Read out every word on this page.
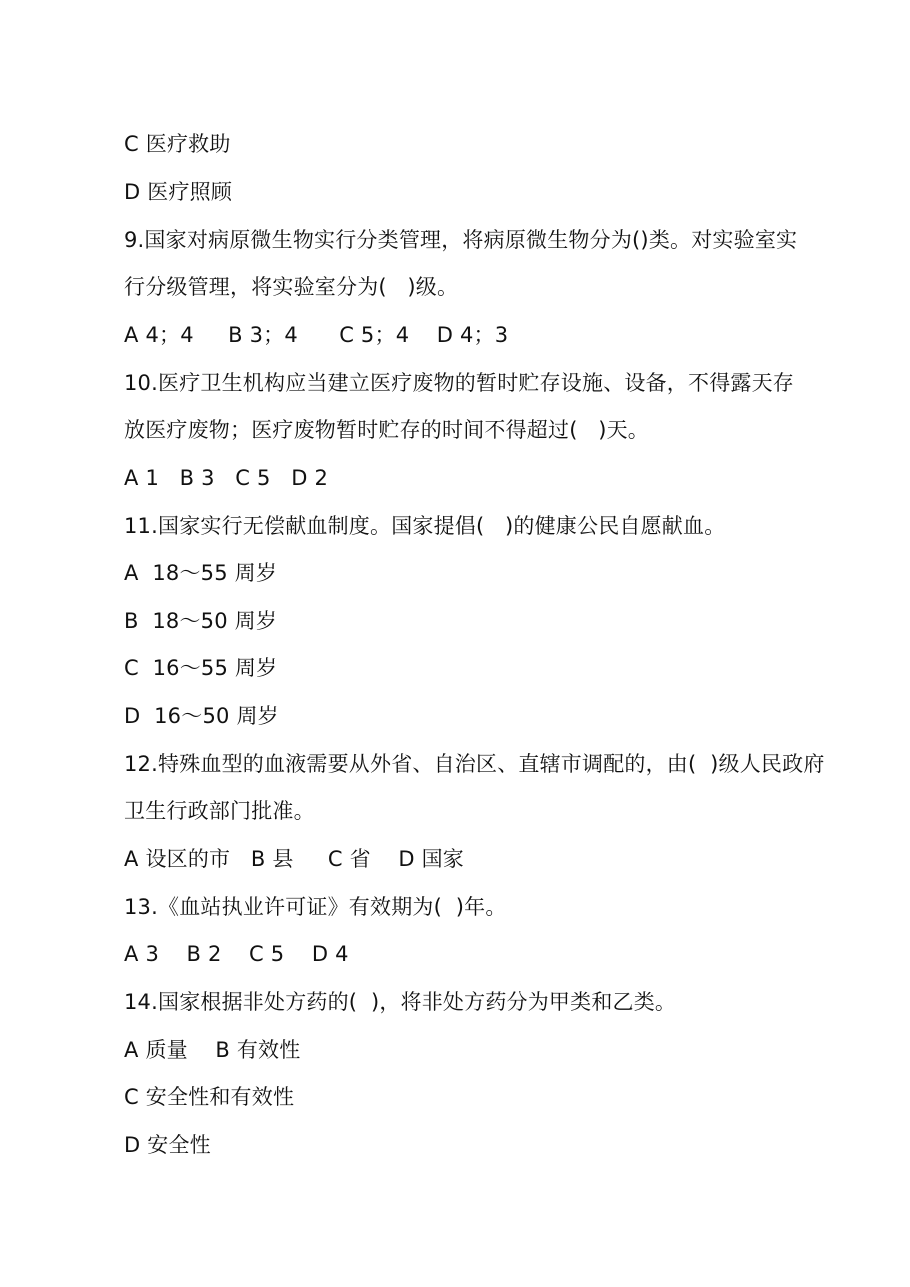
C 医疗救助
D 医疗照顾
9.国家对病原微生物实行分类管理，将病原微生物分为()类。对实验室实
行分级管理，将实验室分为(   )级。
A 4；4     B 3；4      C 5；4    D 4；3
10.医疗卫生机构应当建立医疗废物的暂时贮存设施、设备，不得露天存
放医疗废物；医疗废物暂时贮存的时间不得超过(   )天。
A 1   B 3   C 5   D 2
11.国家实行无偿献血制度。国家提倡(   )的健康公民自愿献血。
A  18～55 周岁
B  18～50 周岁
C  16～55 周岁
D  16～50 周岁
12.特殊血型的血液需要从外省、自治区、直辖市调配的，由(  )级人民政府
卫生行政部门批准。
A 设区的市   B 县     C 省    D 国家
13.《血站执业许可证》有效期为(  )年。
A 3    B 2    C 5    D 4
14.国家根据非处方药的(  )，将非处方药分为甲类和乙类。
A 质量    B 有效性
C 安全性和有效性
D 安全性
